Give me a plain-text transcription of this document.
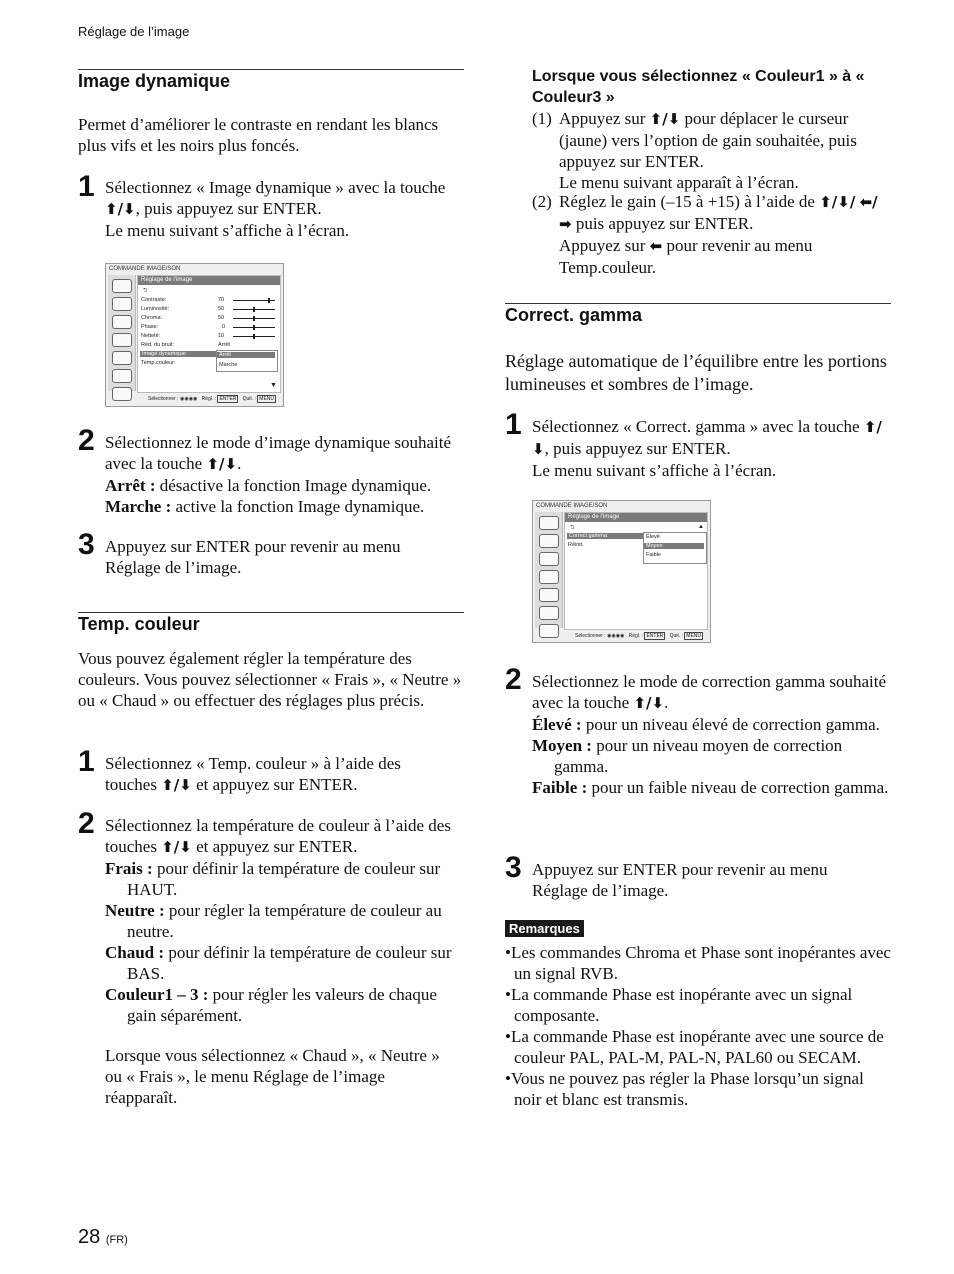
Réglage de l’image
Image dynamique
Permet d’améliorer le contraste en rendant les blancs plus vifs et les noirs plus foncés.
1 Sélectionnez « Image dynamique » avec la touche ⬆/⬇, puis appuyez sur ENTER.
Le menu suivant s’affiche à l’écran.
COMMANDE IMAGE/SON
Réglage de l’image
⮌
Contraste:	70
Luminosité:	50
Chroma:	50
Phase:	0
Netteté:	10
Réd. du bruit:	Arrêt
Image dynamique:
Temp.couleur:
Arrêt
Marche
▼
Sélectionner : ◉◉◉◉   Régl. : ENTER Quit. : MENU
2 Sélectionnez le mode d’image dynamique souhaité avec la touche ⬆/⬇.
Arrêt : désactive la fonction Image dynamique.
Marche : active la fonction Image dynamique.
3 Appuyez sur ENTER pour revenir au menu Réglage de l’image.
Temp. couleur
Vous pouvez également régler la température des couleurs. Vous pouvez sélectionner « Frais », « Neutre » ou « Chaud » ou effectuer des réglages plus précis.
1 Sélectionnez « Temp. couleur » à l’aide des touches ⬆/⬇ et appuyez sur ENTER.
2 Sélectionnez la température de couleur à l’aide des touches ⬆/⬇ et appuyez sur ENTER.
Frais : pour définir la température de couleur sur HAUT.
Neutre : pour régler la température de couleur au neutre.
Chaud : pour définir la température de couleur sur BAS.
Couleur1 – 3 : pour régler les valeurs de chaque gain séparément.
Lorsque vous sélectionnez « Chaud », « Neutre » ou « Frais », le menu Réglage de l’image réapparaît.
Lorsque vous sélectionnez « Couleur1 » à « Couleur3 »
(1) Appuyez sur ⬆/⬇ pour déplacer le curseur (jaune) vers l’option de gain souhaitée, puis appuyez sur ENTER.
Le menu suivant apparaît à l’écran.
(2) Réglez le gain (–15 à +15) à l’aide de ⬆/⬇/ ⬅/➡ puis appuyez sur ENTER.
Appuyez sur ⬅ pour revenir au menu Temp.couleur.
Correct. gamma
Réglage automatique de l’équilibre entre les portions lumineuses et sombres de l’image.
1 Sélectionnez « Correct. gamma » avec la touche ⬆/⬇, puis appuyez sur ENTER.
Le menu suivant s’affiche à l’écran.
COMMANDE IMAGE/SON
Réglage de l’image
⮌	▲
Correct gamma:
Réinit.
Élevé
Moyen
Faible
Sélectionner : ◉◉◉◉   Régl. : ENTER Quit. : MENU
2 Sélectionnez le mode de correction gamma souhaité avec la touche ⬆/⬇.
Élevé : pour un niveau élevé de correction gamma.
Moyen : pour un niveau moyen de correction gamma.
Faible : pour un faible niveau de correction gamma.
3 Appuyez sur ENTER pour revenir au menu Réglage de l’image.
Remarques
•Les commandes Chroma et Phase sont inopérantes avec un signal RVB.
•La commande Phase est inopérante avec un signal composante.
•La commande Phase est inopérante avec une source de couleur PAL, PAL-M, PAL-N, PAL60 ou SECAM.
•Vous ne pouvez pas régler la Phase lorsqu’un signal noir et blanc est transmis.
28 (FR)
